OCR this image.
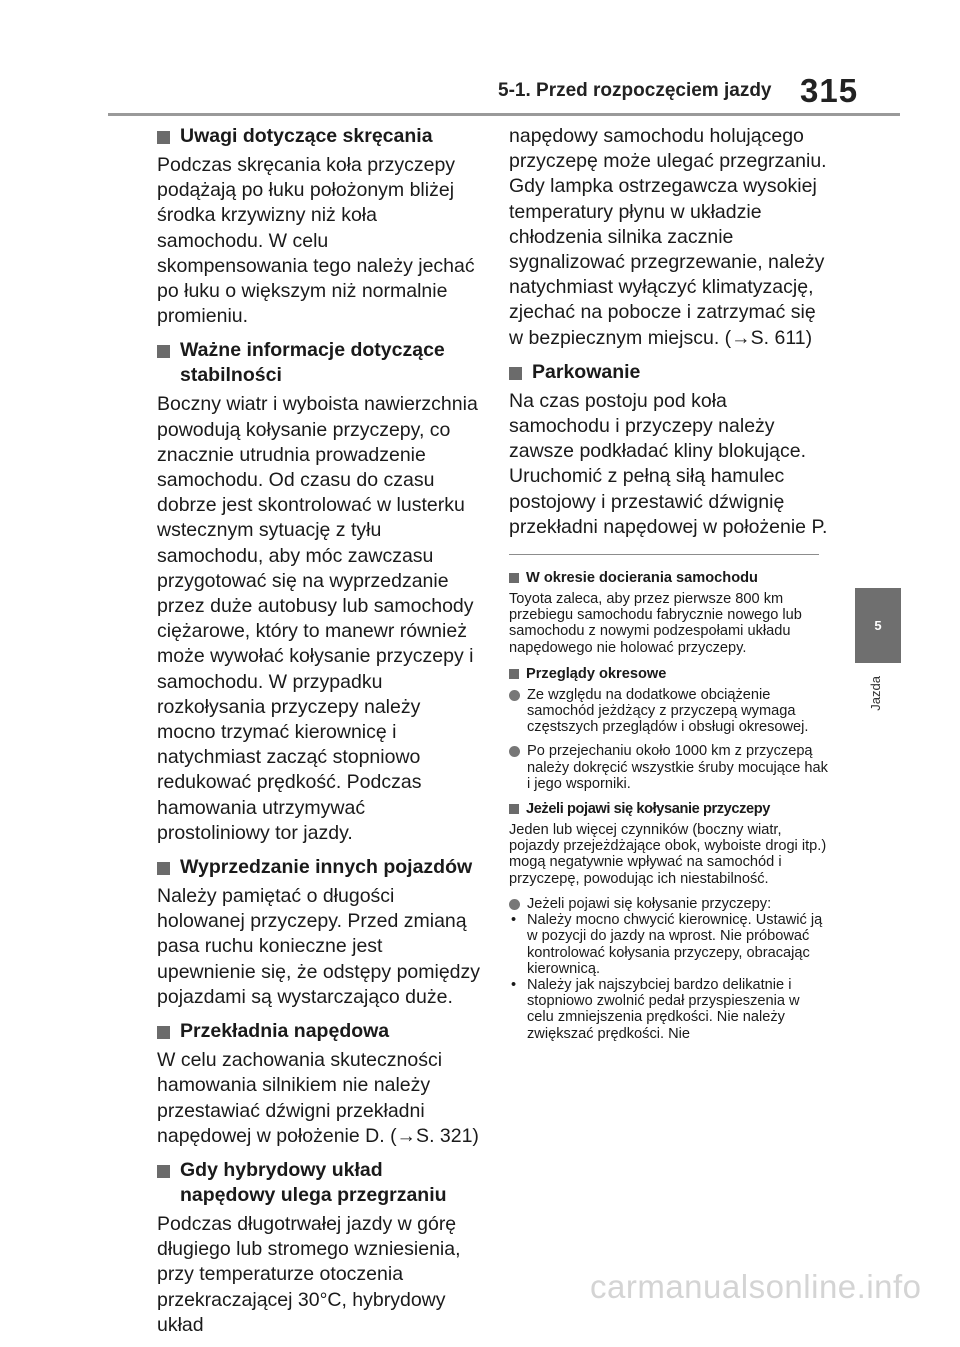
5-1. Przed rozpoczęciem jazdy 315
Uwagi dotyczące skręcania
Podczas skręcania koła przyczepy podążają po łuku położonym bliżej środka krzywizny niż koła samochodu. W celu skompensowania tego należy jechać po łuku o większym niż normalnie promieniu.
Ważne informacje dotyczące stabilności
Boczny wiatr i wyboista nawierzchnia powodują kołysanie przyczepy, co znacznie utrudnia prowadzenie samochodu. Od czasu do czasu dobrze jest skontrolować w lusterku wstecznym sytuację z tyłu samochodu, aby móc zawczasu przygotować się na wyprzedzanie przez duże autobusy lub samochody ciężarowe, który to manewr również może wywołać kołysanie przyczepy i samochodu. W przypadku rozkołysania przyczepy należy mocno trzymać kierownicę i natychmiast zacząć stopniowo redukować prędkość. Podczas hamowania utrzymywać prostoliniowy tor jazdy.
Wyprzedzanie innych pojazdów
Należy pamiętać o długości holowanej przyczepy. Przed zmianą pasa ruchu konieczne jest upewnienie się, że odstępy pomiędzy pojazdami są wystarczająco duże.
Przekładnia napędowa
W celu zachowania skuteczności hamowania silnikiem nie należy przestawiać dźwigni przekładni napędowej w położenie D. (→S. 321)
Gdy hybrydowy układ napędowy ulega przegrzaniu
Podczas długotrwałej jazdy w górę długiego lub stromego wzniesienia, przy temperaturze otoczenia przekraczającej 30°C, hybrydowy układ
napędowy samochodu holującego przyczepę może ulegać przegrzaniu. Gdy lampka ostrzegawcza wysokiej temperatury płynu w układzie chłodzenia silnika zacznie sygnalizować przegrzewanie, należy natychmiast wyłączyć klimatyzację, zjechać na pobocze i zatrzymać się w bezpiecznym miejscu. (→S. 611)
Parkowanie
Na czas postoju pod koła samochodu i przyczepy należy zawsze podkładać kliny blokujące. Uruchomić z pełną siłą hamulec postojowy i przestawić dźwignię przekładni napędowej w położenie P.
W okresie docierania samochodu
Toyota zaleca, aby przez pierwsze 800 km przebiegu samochodu fabrycznie nowego lub samochodu z nowymi podzespołami układu napędowego nie holować przyczepy.
Przeglądy okresowe
Ze względu na dodatkowe obciążenie samochód jeżdżący z przyczepą wymaga częstszych przeglądów i obsługi okresowej.
Po przejechaniu około 1000 km z przyczepą należy dokręcić wszystkie śruby mocujące hak i jego wsporniki.
Jeżeli pojawi się kołysanie przyczepy
Jeden lub więcej czynników (boczny wiatr, pojazdy przejeżdżające obok, wyboiste drogi itp.) mogą negatywnie wpływać na samochód i przyczepę, powodując ich niestabilność.
Jeżeli pojawi się kołysanie przyczepy:
• Należy mocno chwycić kierownicę. Ustawić ją w pozycji do jazdy na wprost. Nie próbować kontrolować kołysania przyczepy, obracając kierownicą.
• Należy jak najszybciej bardzo delikatnie i stopniowo zwolnić pedał przyspieszenia w celu zmniejszenia prędkości. Nie należy zwiększać prędkości. Nie
5
Jazda
carmanualsonline.info
